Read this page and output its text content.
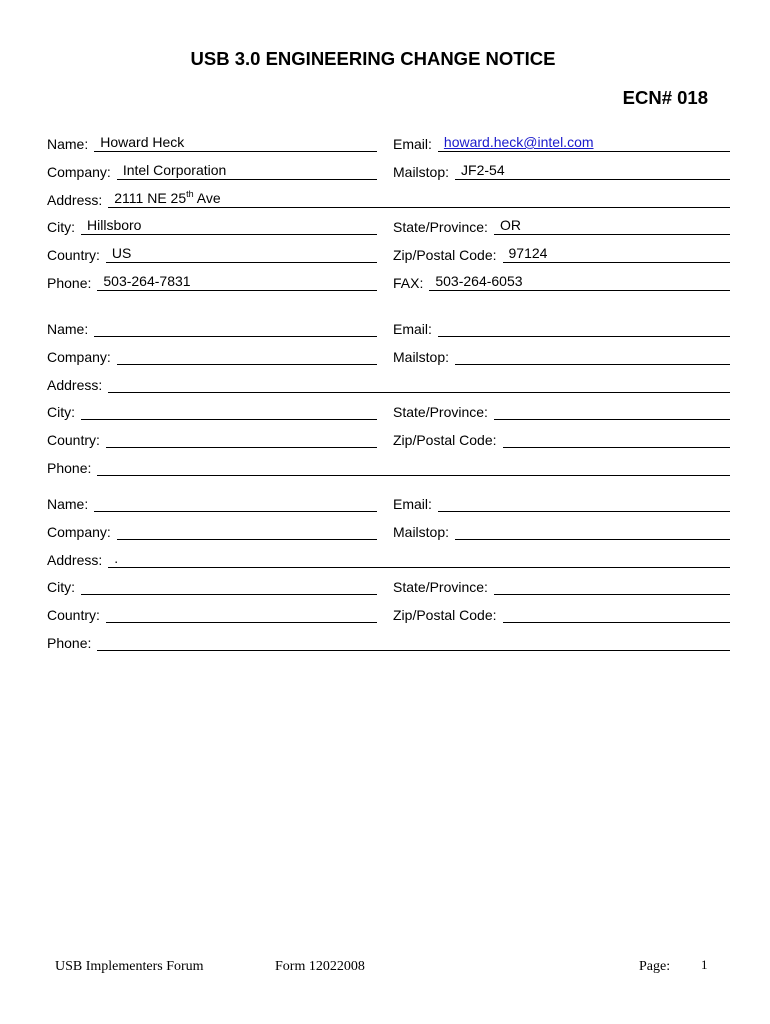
USB 3.0 ENGINEERING CHANGE NOTICE
ECN# 018
Name: Howard Heck	Email: howard.heck@intel.com
Company: Intel Corporation	Mailstop: JF2-54
Address: 2111 NE 25th Ave
City: Hillsboro	State/Province: OR
Country: US	Zip/Postal Code: 97124
Phone: 503-264-7831	FAX: 503-264-6053
Name:	Email:
Company:	Mailstop:
Address:
City:	State/Province:
Country:	Zip/Postal Code:
Phone:
Name:	Email:
Company:	Mailstop:
Address: .
City:	State/Province:
Country:	Zip/Postal Code:
Phone:
USB Implementers Forum	Form 12022008	Page: 1
